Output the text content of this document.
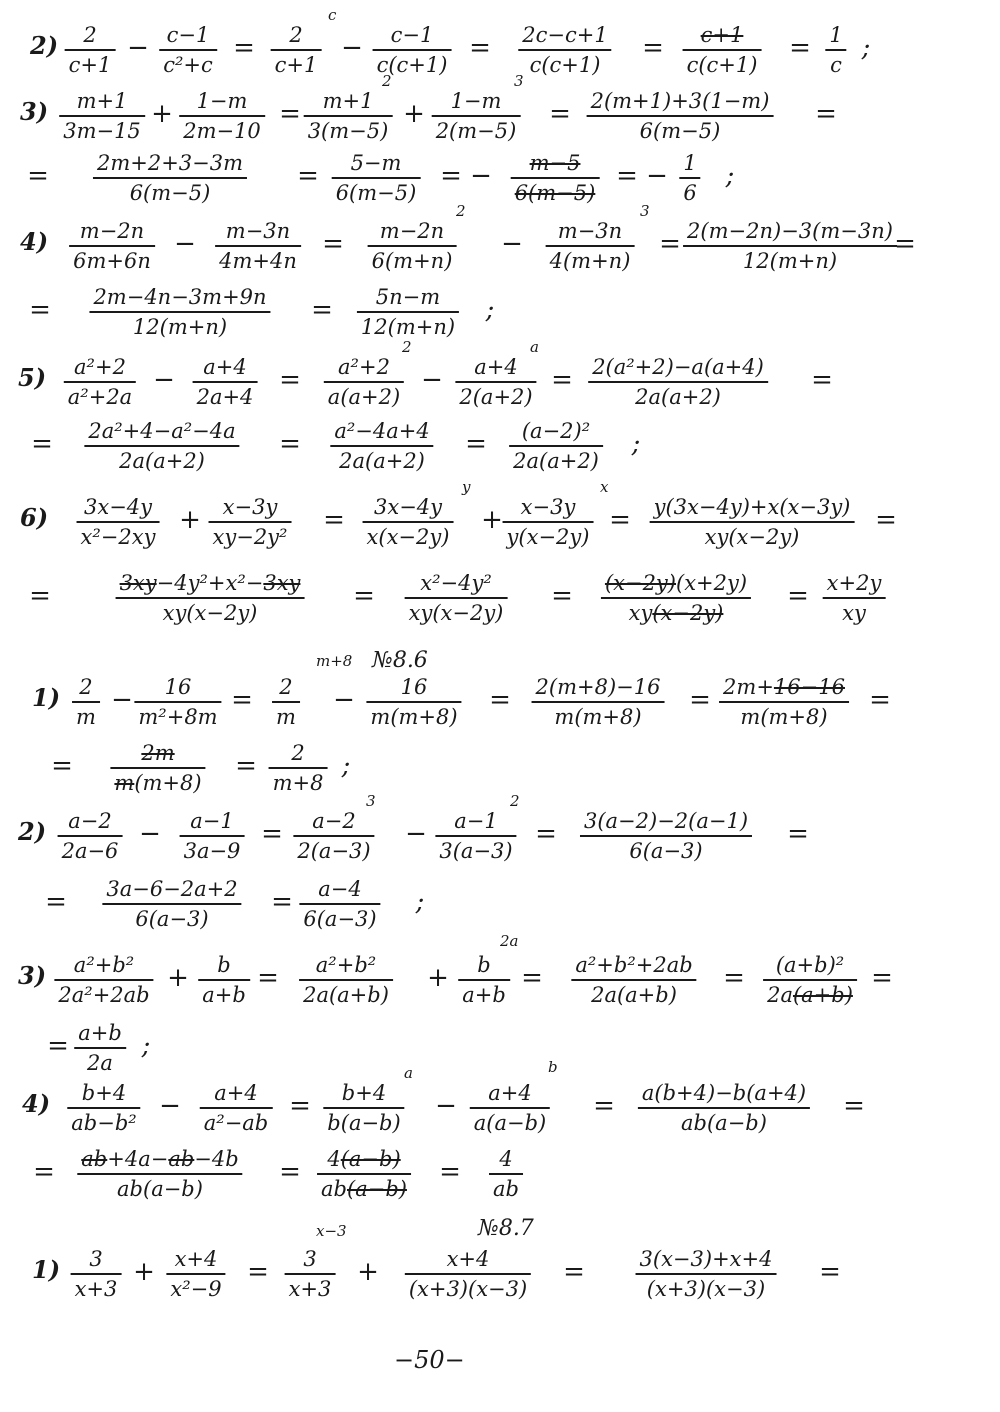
2) 2
c+1
− c−1
c²+c
= 2
c+1
c
− c−1
c(c+1)
= 2c−c+1
c(c+1)
= c+1
c(c+1)
= 1
c
;
3) m+1
3m−15
+ 1−m
2m−10
= m+1
3(m−5)
2
+ 1−m
2(m−5)
3
= 2(m+1)+3(1−m)
6(m−5)
=
= 2m+2+3−3m
6(m−5)
= 5−m
6(m−5)
= − m−5
6(m−5)
= − 1
6
;
4) m−2n
6m+6n
− m−3n
4m+4n
= m−2n
6(m+n)
2
− m−3n
4(m+n)
3
= 2(m−2n)−3(m−3n)
12(m+n)
=
= 2m−4n−3m+9n
12(m+n)
= 5n−m
12(m+n)
;
5) a²+2
a²+2a
− a+4
2a+4
= a²+2
a(a+2)
2
− a+4
2(a+2)
a
= 2(a²+2)−a(a+4)
2a(a+2)
=
= 2a²+4−a²−4a
2a(a+2)
= a²−4a+4
2a(a+2)
= (a−2)²
2a(a+2)
;
6) 3x−4y
x²−2xy
+ x−3y
xy−2y²
= 3x−4y
x(x−2y)
y
+ x−3y
y(x−2y)
x
= y(3x−4y)+x(x−3y)
xy(x−2y)
=
=	3xy−4y²+x²−3xy
xy(x−2y)
= x²−4y²
xy(x−2y)
= (x−2y)(x+2y)
xy(x−2y)
= x+2y
xy
№8.6
1) 2
m
− 16
m²+8m
= 2
m
m+8
− 16
m(m+8)
= 2(m+8)−16
m(m+8)
= 2m+16−16
m(m+8)
=
=	2m
m(m+8)
= 2
m+8
;
2) a−2
2a−6
− a−1
3a−9
= a−2
2(a−3)
3
− a−1
3(a−3)
2
= 3(a−2)−2(a−1)
6(a−3)
=
= 3a−6−2a+2
6(a−3)
= a−4
6(a−3)
;
3) a²+b²
2a²+2ab
+ b
a+b
= a²+b²
2a(a+b)
+ b
a+b
2a
= a²+b²+2ab
2a(a+b)
= (a+b)²
2a(a+b)
=
= a+b
2a
;
4) b+4
ab−b²
− a+4
a²−ab
= b+4
b(a−b)
a
− a+4
a(a−b)
b
= a(b+4)−b(a+4)
ab(a−b)
=
= ab+4a−ab−4b
ab(a−b)
= 4(a−b)
ab(a−b)
= 4
ab
№8.7
1) 3
x+3
+ x+4
x²−9
= 3
x+3
x−3
+	x+4
(x+3)(x−3)
=	3(x−3)+x+4
(x+3)(x−3)
=
−50−
